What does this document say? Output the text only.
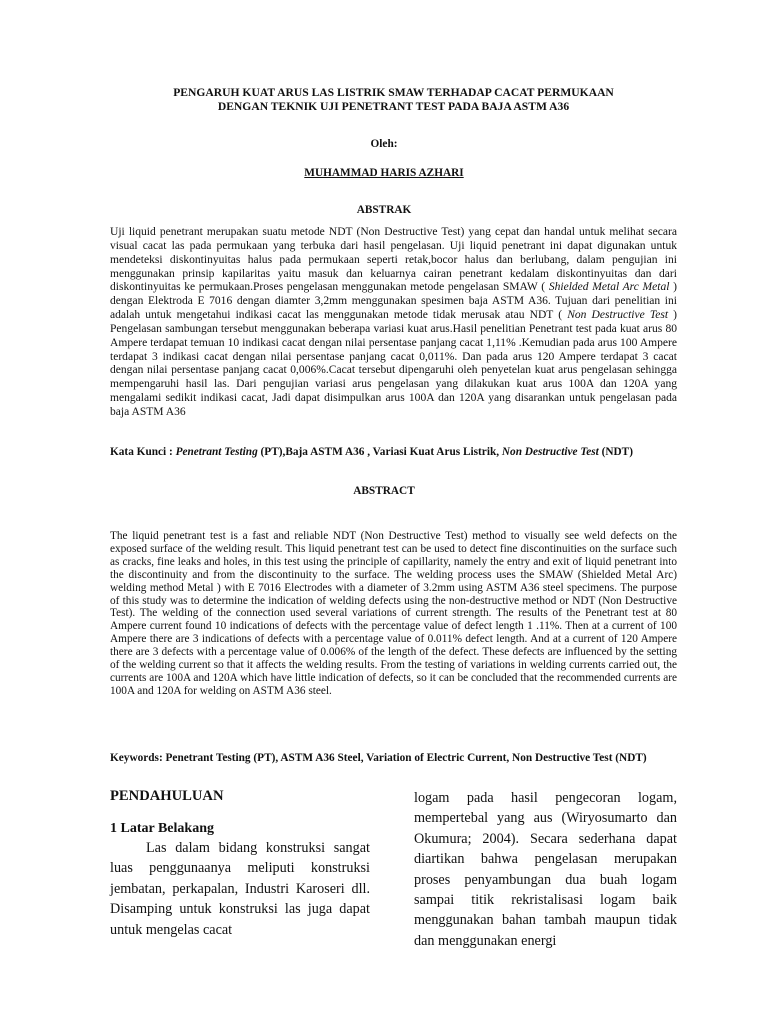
PENGARUH KUAT ARUS LAS LISTRIK SMAW TERHADAP CACAT PERMUKAAN
DENGAN TEKNIK UJI PENETRANT TEST PADA BAJA ASTM A36
Oleh:
MUHAMMAD HARIS AZHARI
ABSTRAK
Uji liquid penetrant merupakan suatu metode NDT (Non Destructive Test) yang cepat dan handal untuk melihat secara visual cacat las pada permukaan yang terbuka dari hasil pengelasan. Uji liquid penetrant ini dapat digunakan untuk mendeteksi diskontinyuitas halus pada permukaan seperti retak,bocor halus dan berlubang, dalam pengujian ini menggunakan prinsip kapilaritas yaitu masuk dan keluarnya cairan penetrant kedalam diskontinyuitas dan dari diskontinyuitas ke permukaan.Proses pengelasan menggunakan metode pengelasan SMAW ( Shielded Metal Arc Metal ) dengan Elektroda E 7016 dengan diamter 3,2mm menggunakan spesimen baja ASTM A36. Tujuan dari penelitian ini adalah untuk mengetahui indikasi cacat las menggunakan metode tidak merusak atau NDT ( Non Destructive Test ) Pengelasan sambungan tersebut menggunakan beberapa variasi kuat arus.Hasil penelitian Penetrant test pada kuat arus 80 Ampere terdapat temuan 10 indikasi cacat dengan nilai persentase panjang cacat 1,11% .Kemudian pada arus 100 Ampere terdapat 3 indikasi cacat dengan nilai persentase panjang cacat 0,011%. Dan pada arus 120 Ampere terdapat 3 cacat dengan nilai persentase panjang cacat 0,006%.Cacat tersebut dipengaruhi oleh penyetelan kuat arus pengelasan sehingga mempengaruhi hasil las. Dari pengujian variasi arus pengelasan yang dilakukan kuat arus 100A dan 120A yang mengalami sedikit indikasi cacat, Jadi dapat disimpulkan arus 100A dan 120A yang disarankan untuk pengelasan pada baja ASTM A36
Kata Kunci : Penetrant Testing (PT),Baja ASTM A36 , Variasi Kuat Arus Listrik, Non Destructive Test (NDT)
ABSTRACT
The liquid penetrant test is a fast and reliable NDT (Non Destructive Test) method to visually see weld defects on the exposed surface of the welding result. This liquid penetrant test can be used to detect fine discontinuities on the surface such as cracks, fine leaks and holes, in this test using the principle of capillarity, namely the entry and exit of liquid penetrant into the discontinuity and from the discontinuity to the surface. The welding process uses the SMAW (Shielded Metal Arc) welding method Metal ) with E 7016 Electrodes with a diameter of 3.2mm using ASTM A36 steel specimens. The purpose of this study was to determine the indication of welding defects using the non-destructive method or NDT (Non Destructive Test). The welding of the connection used several variations of current strength. The results of the Penetrant test at 80 Ampere current found 10 indications of defects with the percentage value of defect length 1 .11%. Then at a current of 100 Ampere there are 3 indications of defects with a percentage value of 0.011% defect length. And at a current of 120 Ampere there are 3 defects with a percentage value of 0.006% of the length of the defect. These defects are influenced by the setting of the welding current so that it affects the welding results. From the testing of variations in welding currents carried out, the currents are 100A and 120A which have little indication of defects, so it can be concluded that the recommended currents are 100A and 120A for welding on ASTM A36 steel.
Keywords: Penetrant Testing (PT), ASTM A36 Steel, Variation of Electric Current, Non Destructive Test (NDT)
PENDAHULUAN
1 Latar Belakang

Las dalam bidang konstruksi sangat luas penggunaanya meliputi konstruksi jembatan, perkapalan, Industri Karoseri dll. Disamping untuk konstruksi las juga dapat untuk mengelas cacat

logam pada hasil pengecoran logam, mempertebal yang aus (Wiryosumarto dan Okumura; 2004). Secara sederhana dapat diartikan bahwa pengelasan merupakan proses penyambungan dua buah logam sampai titik rekristalisasi logam baik menggunakan bahan tambah maupun tidak dan menggunakan energi
